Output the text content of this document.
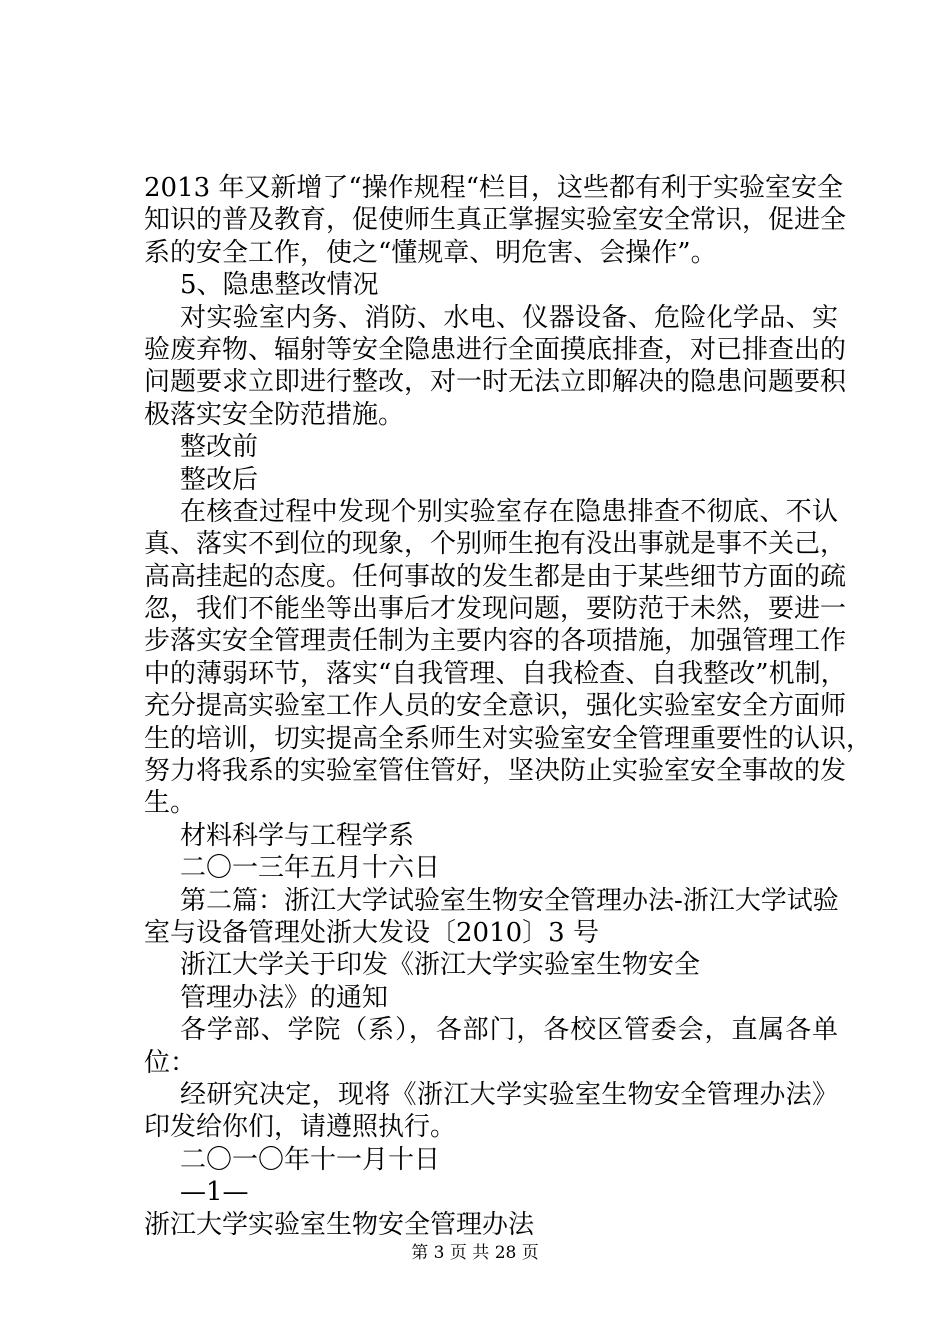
2013 年又新增了“操作规程“栏目，这些都有利于实验室安全
知识的普及教育，促使师生真正掌握实验室安全常识，促进全
系的安全工作，使之“懂规章、明危害、会操作”。
5、隐患整改情况
对实验室内务、消防、水电、仪器设备、危险化学品、实
验废弃物、辐射等安全隐患进行全面摸底排查，对已排查出的
问题要求立即进行整改，对一时无法立即解决的隐患问题要积
极落实安全防范措施。
整改前
整改后
在核查过程中发现个别实验室存在隐患排查不彻底、不认
真、落实不到位的现象，个别师生抱有没出事就是事不关己，
高高挂起的态度。任何事故的发生都是由于某些细节方面的疏
忽，我们不能坐等出事后才发现问题，要防范于未然，要进一
步落实安全管理责任制为主要内容的各项措施，加强管理工作
中的薄弱环节，落实“自我管理、自我检查、自我整改”机制，
充分提高实验室工作人员的安全意识，强化实验室安全方面师
生的培训，切实提高全系师生对实验室安全管理重要性的认识，
努力将我系的实验室管住管好，坚决防止实验室安全事故的发
生。
材料科学与工程学系
二〇一三年五月十六日
第二篇：浙江大学试验室生物安全管理办法-浙江大学试验
室与设备管理处浙大发设〔2010〕3 号
浙江大学关于印发《浙江大学实验室生物安全
管理办法》的通知
各学部、学院（系），各部门，各校区管委会，直属各单
位：
经研究决定，现将《浙江大学实验室生物安全管理办法》
印发给你们，请遵照执行。
二〇一〇年十一月十日
—1—
浙江大学实验室生物安全管理办法
第 3 页 共 28 页
